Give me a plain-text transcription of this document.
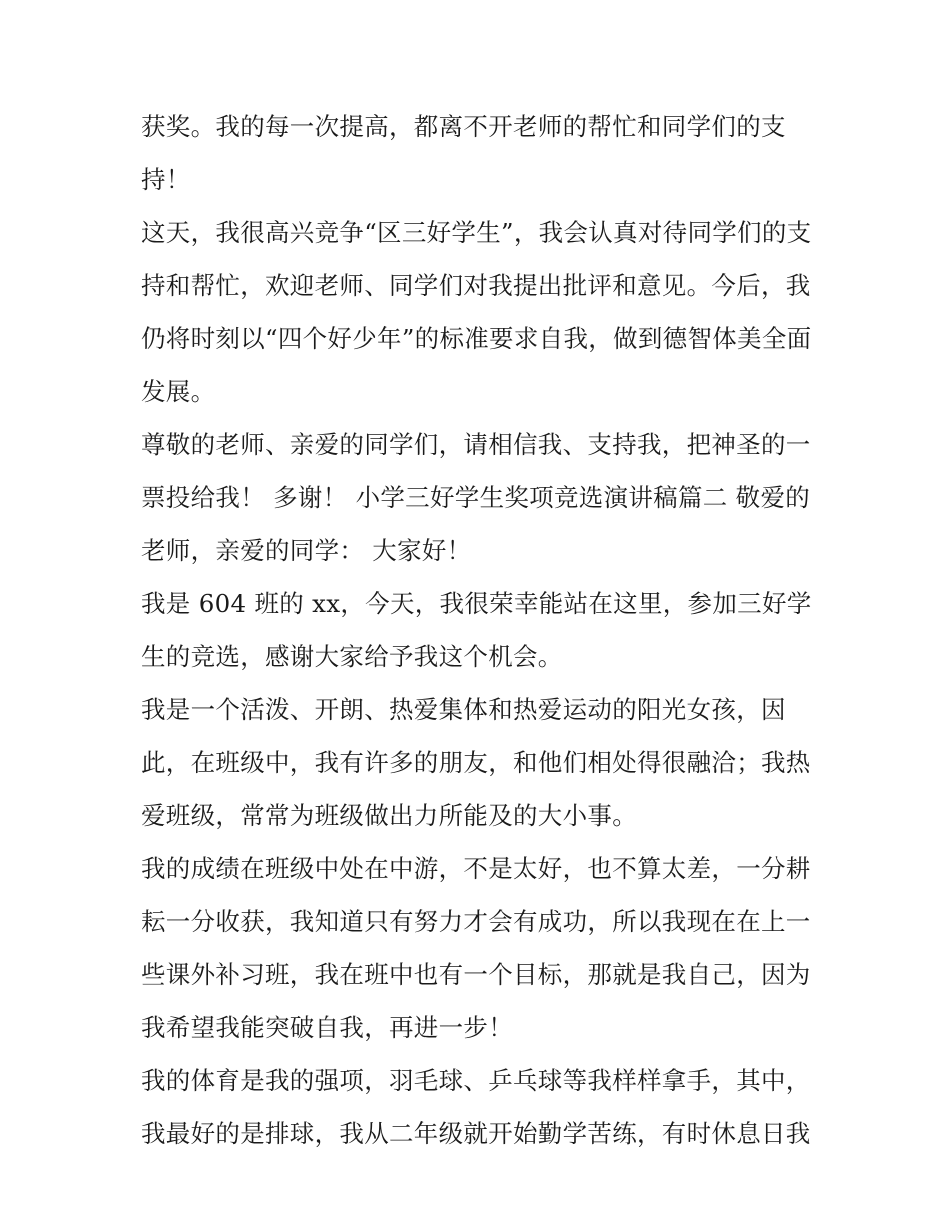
获奖。我的每一次提高，都离不开老师的帮忙和同学们的支
持！
这天，我很高兴竞争“区三好学生”，我会认真对待同学们的支
持和帮忙，欢迎老师、同学们对我提出批评和意见。今后，我
仍将时刻以“四个好少年”的标准要求自我，做到德智体美全面
发展。
尊敬的老师、亲爱的同学们，请相信我、支持我，把神圣的一
票投给我！ 多谢！ 小学三好学生奖项竞选演讲稿篇二 敬爱的
老师，亲爱的同学： 大家好！
我是 604 班的 xx，今天，我很荣幸能站在这里，参加三好学
生的竞选，感谢大家给予我这个机会。
我是一个活泼、开朗、热爱集体和热爱运动的阳光女孩，因
此，在班级中，我有许多的朋友，和他们相处得很融洽；我热
爱班级，常常为班级做出力所能及的大小事。
我的成绩在班级中处在中游，不是太好，也不算太差，一分耕
耘一分收获，我知道只有努力才会有成功，所以我现在在上一
些课外补习班，我在班中也有一个目标，那就是我自己，因为
我希望我能突破自我，再进一步！
我的体育是我的强项，羽毛球、乒乓球等我样样拿手，其中，
我最好的是排球，我从二年级就开始勤学苦练，有时休息日我
